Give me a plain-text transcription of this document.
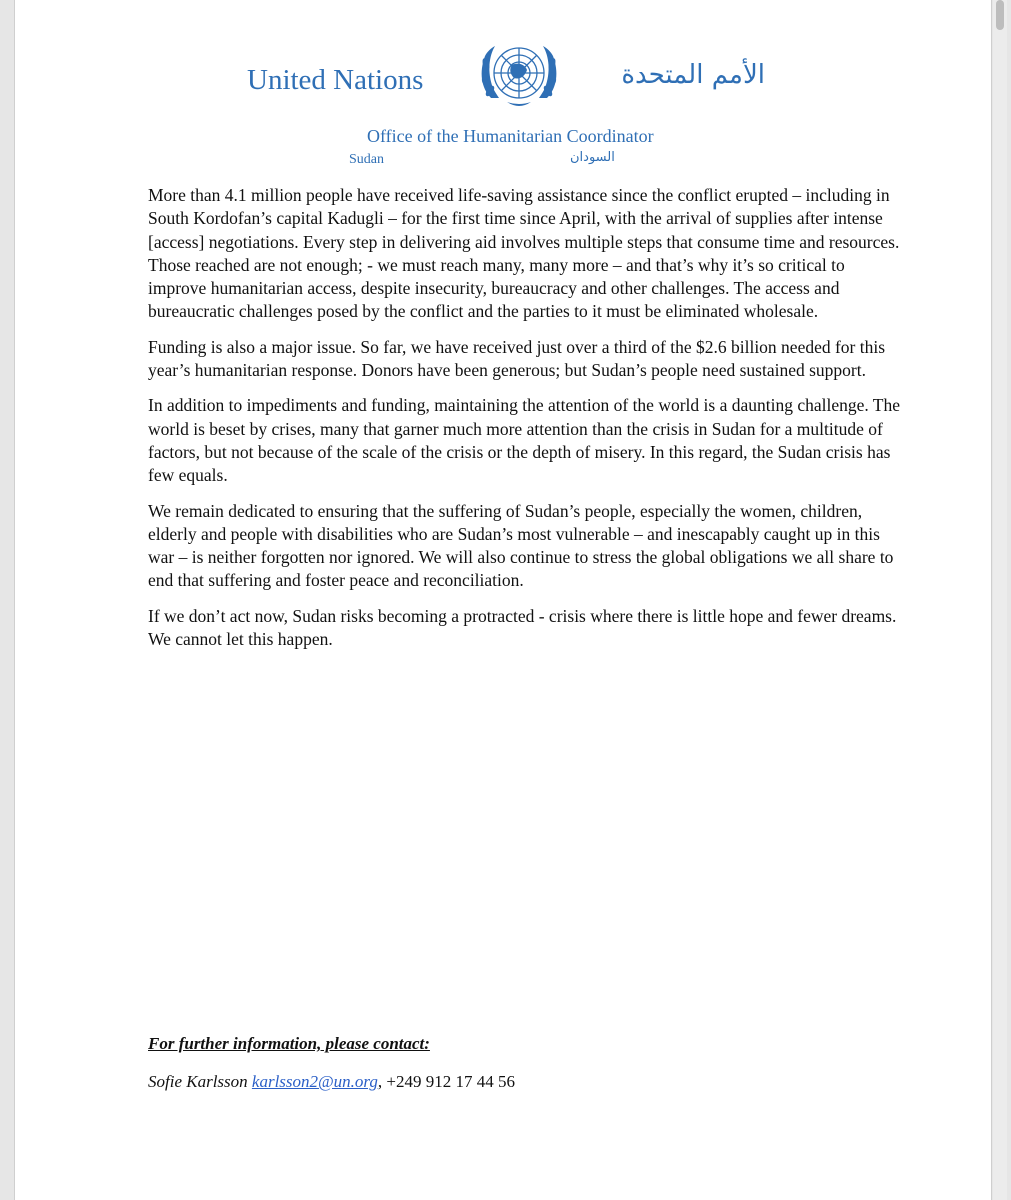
United Nations	الأمم المتحدة
Office of the Humanitarian Coordinator
Sudan	السودان

More than 4.1 million people have received life-saving assistance since the conflict erupted – including in South Kordofan’s capital Kadugli – for the first time since April, with the arrival of supplies after intense [access] negotiations. Every step in delivering aid involves multiple steps that consume time and resources. Those reached are not enough; - we must reach many, many more – and that’s why it’s so critical to improve humanitarian access, despite insecurity, bureaucracy and other challenges. The access and bureaucratic challenges posed by the conflict and the parties to it must be eliminated wholesale.

Funding is also a major issue. So far, we have received just over a third of the $2.6 billion needed for this year’s humanitarian response. Donors have been generous; but Sudan’s people need sustained support.

In addition to impediments and funding, maintaining the attention of the world is a daunting challenge. The world is beset by crises, many that garner much more attention than the crisis in Sudan for a multitude of factors, but not because of the scale of the crisis or the depth of misery. In this regard, the Sudan crisis has few equals.

We remain dedicated to ensuring that the suffering of Sudan’s people, especially the women, children, elderly and people with disabilities who are Sudan’s most vulnerable – and inescapably caught up in this war – is neither forgotten nor ignored. We will also continue to stress the global obligations we all share to end that suffering and foster peace and reconciliation.

If we don’t act now, Sudan risks becoming a protracted - crisis where there is little hope and fewer dreams. We cannot let this happen.

For further information, please contact:
Sofie Karlsson karlsson2@un.org, +249 912 17 44 56
